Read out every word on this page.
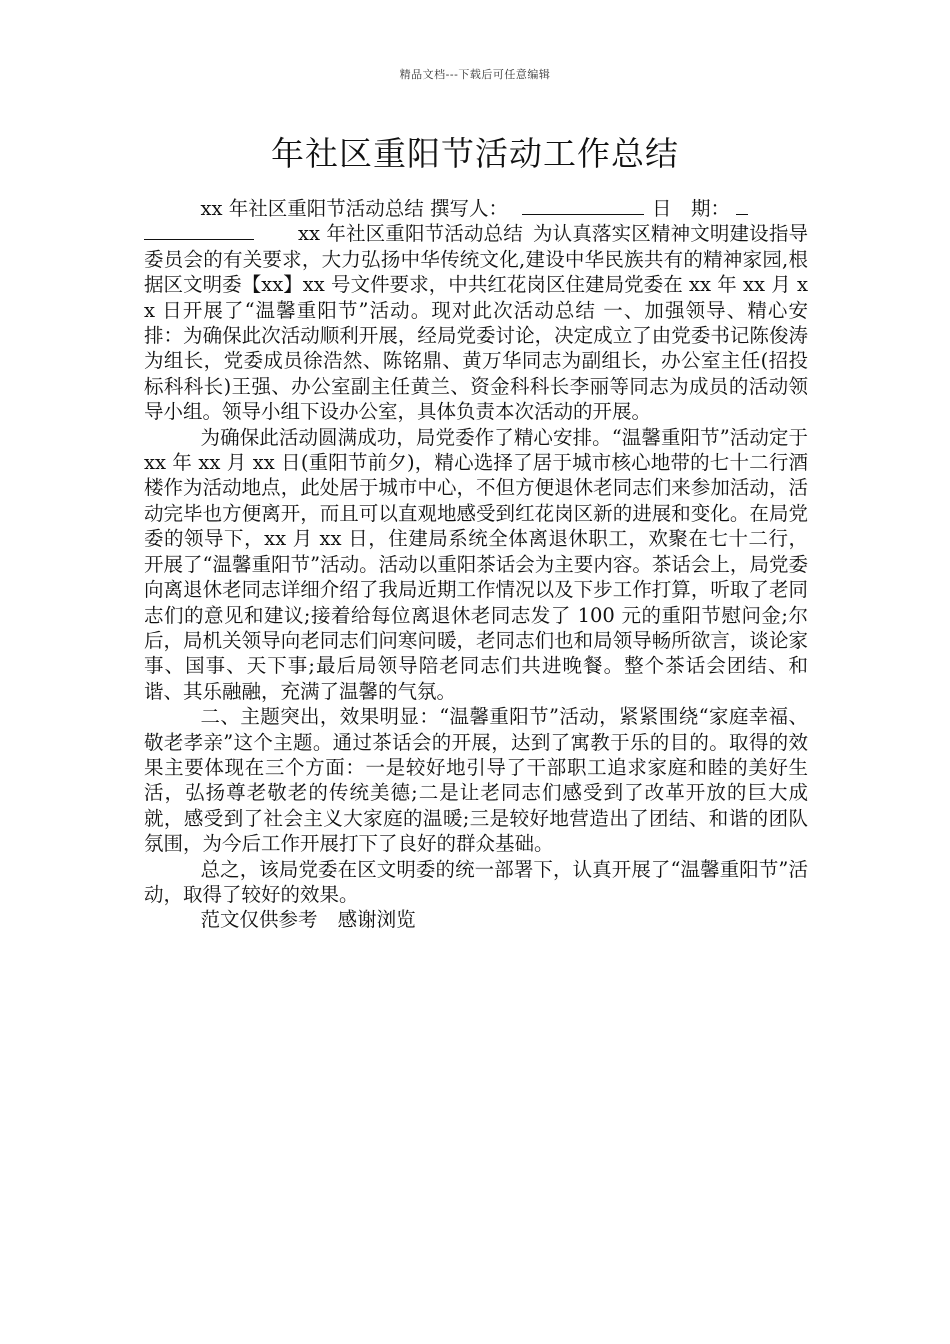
精品文档---下载后可任意编辑
年社区重阳节活动工作总结

xx 年社区重阳节活动总结 撰写人：	日　期：

xx 年社区重阳节活动总结 为认真落实区精神文明建设指导委员会的有关要求，大力弘扬中华传统文化,建设中华民族共有的精神家园,根据区文明委【xx】xx 号文件要求，中共红花岗区住建局党委在 xx 年 xx 月 xx 日开展了“温馨重阳节”活动。现对此次活动总结 一、加强领导、精心安排：为确保此次活动顺利开展，经局党委讨论，决定成立了由党委书记陈俊涛为组长，党委成员徐浩然、陈铭鼎、黄万华同志为副组长，办公室主任(招投标科科长)王强、办公室副主任黄兰、资金科科长李丽等同志为成员的活动领导小组。领导小组下设办公室，具体负责本次活动的开展。

为确保此活动圆满成功，局党委作了精心安排。“温馨重阳节”活动定于 xx 年 xx 月 xx 日(重阳节前夕)，精心选择了居于城市核心地带的七十二行酒楼作为活动地点，此处居于城市中心，不但方便退休老同志们来参加活动，活动完毕也方便离开，而且可以直观地感受到红花岗区新的进展和变化。在局党委的领导下，xx 月 xx 日，住建局系统全体离退休职工，欢聚在七十二行，开展了“温馨重阳节”活动。活动以重阳茶话会为主要内容。茶话会上，局党委向离退休老同志详细介绍了我局近期工作情况以及下步工作打算，听取了老同志们的意见和建议;接着给每位离退休老同志发了 100 元的重阳节慰问金;尔后，局机关领导向老同志们问寒问暖，老同志们也和局领导畅所欲言，谈论家事、国事、天下事;最后局领导陪老同志们共进晚餐。整个茶话会团结、和谐、其乐融融，充满了温馨的气氛。

二、主题突出，效果明显：“温馨重阳节”活动，紧紧围绕“家庭幸福、敬老孝亲”这个主题。通过茶话会的开展，达到了寓教于乐的目的。取得的效果主要体现在三个方面：一是较好地引导了干部职工追求家庭和睦的美好生活，弘扬尊老敬老的传统美德;二是让老同志们感受到了改革开放的巨大成就，感受到了社会主义大家庭的温暖;三是较好地营造出了团结、和谐的团队氛围，为今后工作开展打下了良好的群众基础。

总之，该局党委在区文明委的统一部署下，认真开展了“温馨重阳节”活动，取得了较好的效果。

范文仅供参考 感谢浏览
